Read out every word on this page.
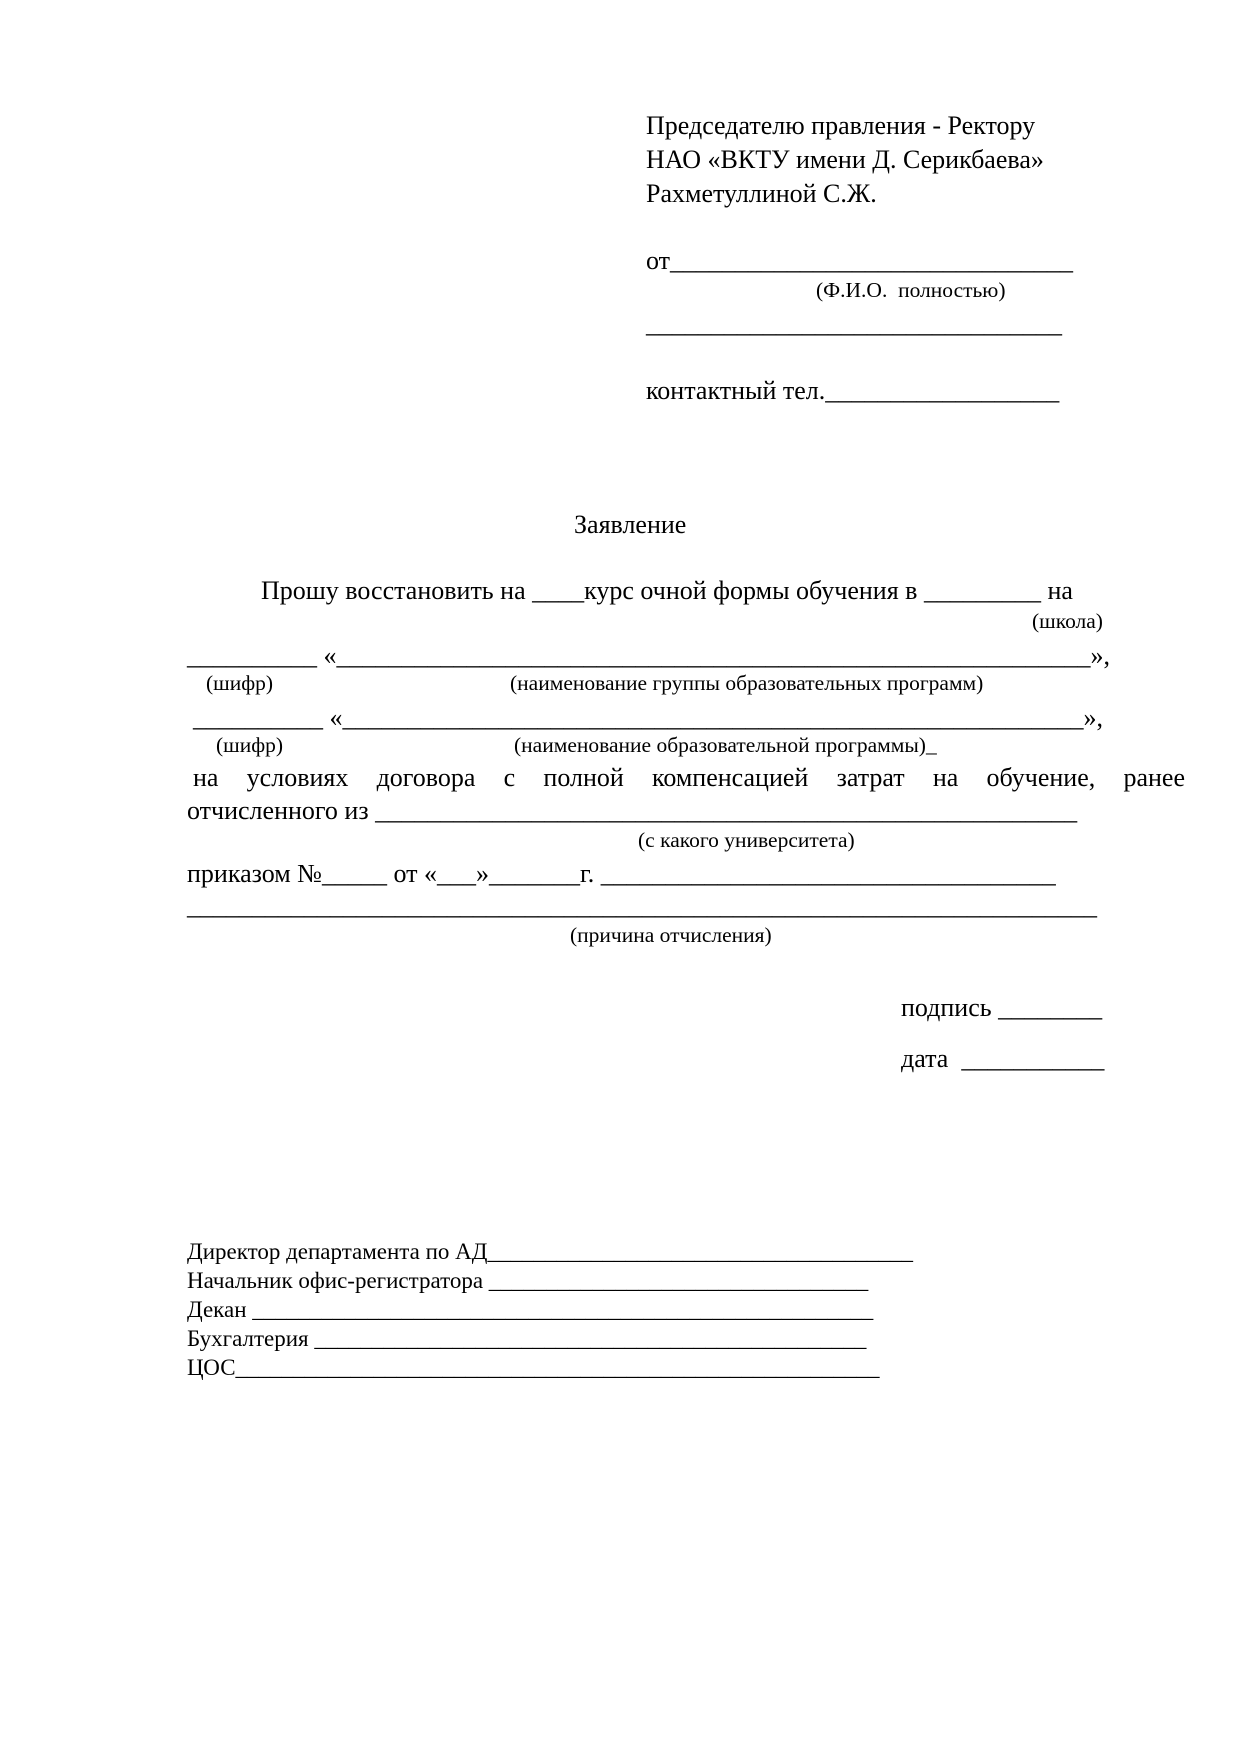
Председателю правления - Ректору
НАО «ВКТУ имени Д. Серикбаева»
Рахметуллиной С.Ж.
от_______________________________
(Ф.И.О.  полностью)
________________________________
контактный тел.__________________
Заявление
Прошу восстановить на ____курс очной формы обучения в _________ на
(школа)
__________ «__________________________________________________________»,
(шифр)	(наименование группы образовательных программ)
__________ «_________________________________________________________»,
(шифр)	(наименование образовательной программы)_
на условиях договора с полной компенсацией затрат на обучение, ранее
отчисленного из ______________________________________________________
(с какого университета)
приказом №_____ от «___»_______г. ___________________________________
______________________________________________________________________
(причина отчисления)
подпись ________
дата  ___________
Директор департамента по АД_____________________________________
Начальник офис-регистратора _________________________________
Декан ______________________________________________________
Бухгалтерия ________________________________________________
ЦОС________________________________________________________
